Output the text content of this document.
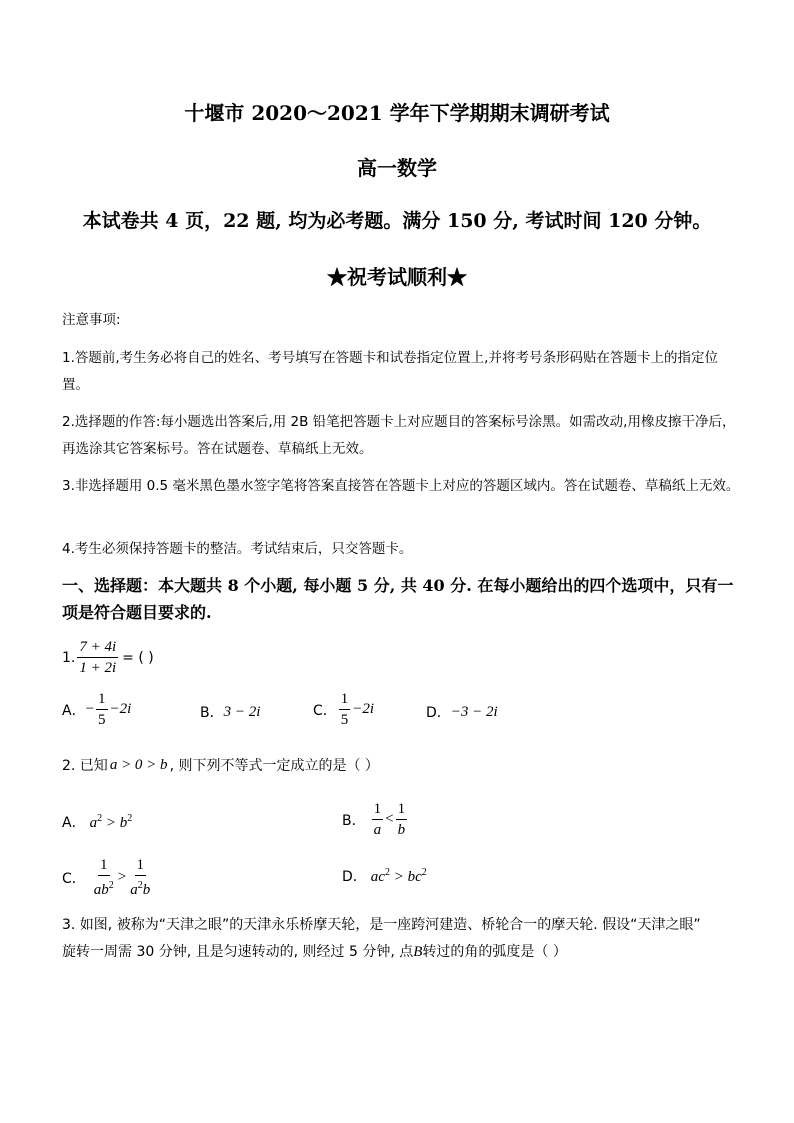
十堰市 2020～2021 学年下学期期末调研考试
高一数学
本试卷共 4 页，22 题, 均为必考题。满分 150 分, 考试时间 120 分钟。
★祝考试顺利★
注意事项:
1.答题前,考生务必将自己的姓名、考号填写在答题卡和试卷指定位置上,并将考号条形码贴在答题卡上的指定位置。
2.选择题的作答:每小题选出答案后,用 2B 铅笔把答题卡上对应题目的答案标号涂黑。如需改动,用橡皮擦干净后，再选涂其它答案标号。答在试题卷、草稿纸上无效。
3.非选择题用 0.5 毫米黑色墨水签字笔将答案直接答在答题卡上对应的答题区域内。答在试题卷、草稿纸上无效。
4.考生必须保持答题卡的整洁。考试结束后，只交答题卡。
一、选择题：本大题共 8 个小题, 每小题 5 分, 共 40 分. 在每小题给出的四个选项中，只有一项是符合题目要求的.
1. $\frac{7 + 4i}{1 + 2i}$ = ( )
A． − $\frac{1}{5} -2i$	B． 3 − 2i	C． $\frac{1}{5} -2i$	D． −3 − 2i
2. 已知 a > 0 > b , 则下列不等式一定成立的是（ ）
A． $a^2 > b^2$	B． $\frac{1}{a} < \frac{1}{b}$
C． $\frac{1}{ab^2} > \frac{1}{a^2b}$	D． $ac^2 > bc^2$
3. 如图, 被称为“天津之眼”的天津永乐桥摩天轮，是一座跨河建造、桥轮合一的摩天轮. 假设“天津之眼”
旋转一周需 30 分钟, 且是匀速转动的, 则经过 5 分钟, 点 B 转过的角的弧度是（ ）
